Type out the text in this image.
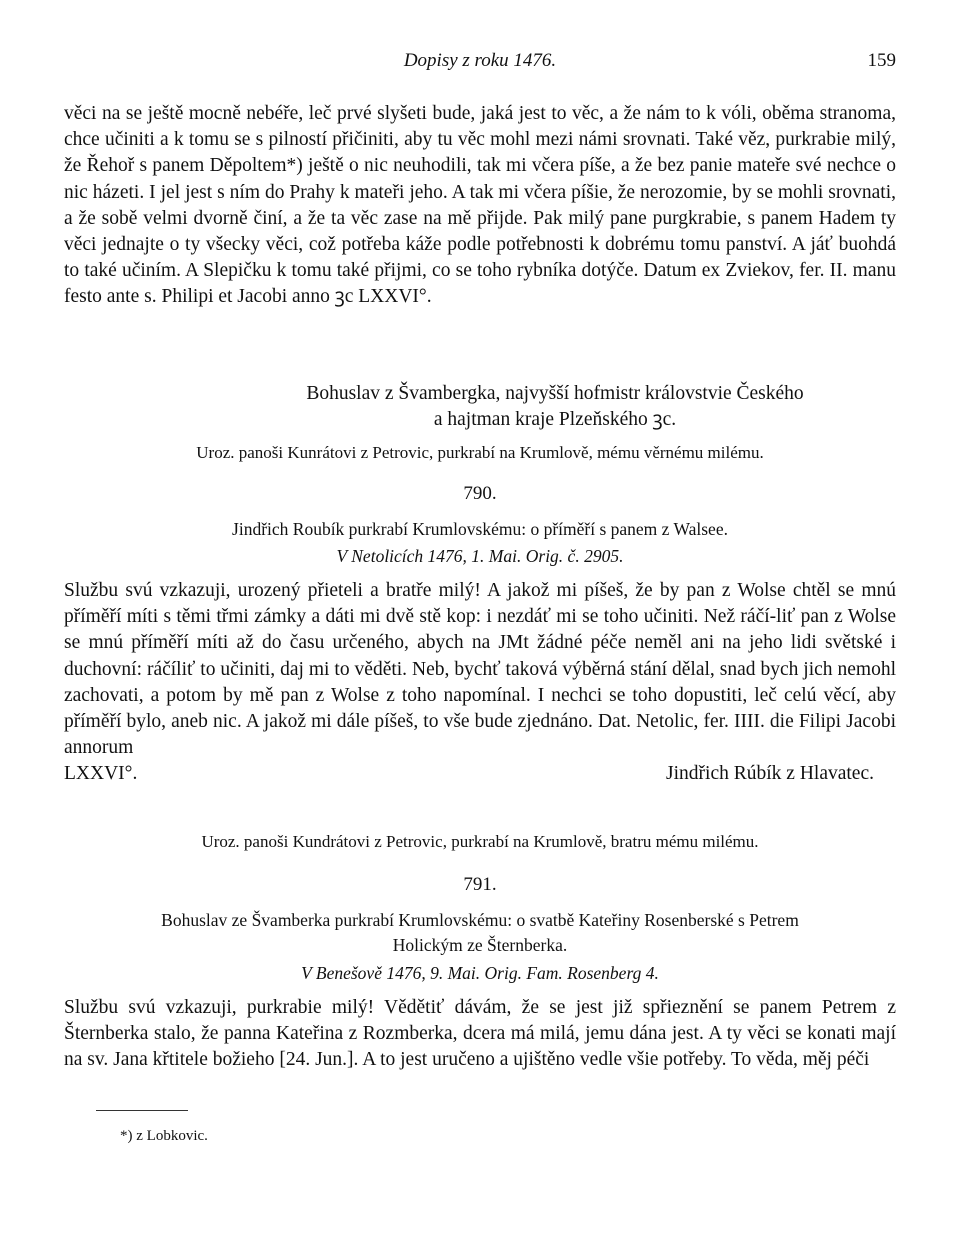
Dopisy z roku 1476.	159

věci na se ještě mocně nebéře, leč prvé slyšeti bude, jaká jest to věc, a že nám to k vóli, oběma stranoma, chce učiniti a k tomu se s pilností přičiniti, aby tu věc mohl mezi námi srovnati. Také věz, purkrabie milý, že Řehoř s panem Děpoltem*) ještě o nic neuhodili, tak mi včera píše, a že bez panie mateře své nechce o nic házeti. I jel jest s ním do Prahy k mateři jeho. A tak mi včera píšie, že nerozomie, by se mohli srovnati, a že sobě velmi dvorně činí, a že ta věc zase na mě přijde. Pak milý pane purgkrabie, s panem Hadem ty věci jednajte o ty všecky věci, což potřeba káže podle potřebnosti k dobrému tomu panství. A jáť buohdá to také učiním. A Slepičku k tomu také přijmi, co se toho rybníka dotýče. Datum ex Zviekov, fer. II. manu festo ante s. Philipi et Jacobi anno ꝫc LXXVI°.

Bohuslav z Švambergka, najvyšší hofmistr královstvie Českého

a hajtman kraje Plzeňského ꝫc.

Uroz. panoši Kunrátovi z Petrovic, purkrabí na Krumlově, mému věrnému milému.

790.

Jindřich Roubík purkrabí Krumlovskému: o příměří s panem z Walsee.

V Netolicích 1476, 1. Mai. Orig. č. 2905.

Službu svú vzkazuji, urozený přieteli a bratře milý! A jakož mi píšeš, že by pan z Wolse chtěl se mnú příměří míti s těmi třmi zámky a dáti mi dvě stě kop: i nezdáť mi se toho učiniti. Než ráčí-liť pan z Wolse se mnú příměří míti až do času určeného, abych na JMt žádné péče neměl ani na jeho lidi světské i duchovní: ráčíliť to učiniti, daj mi to věděti. Neb, bychť taková výběrná stání dělal, snad bych jich nemohl zachovati, a potom by mě pan z Wolse z toho napomínal. I nechci se toho dopustiti, leč celú věcí, aby příměří bylo, aneb nic. A jakož mi dále píšeš, to vše bude zjednáno. Dat. Netolic, fer. IIII. die Filipi Jacobi annorum

LXXVI°.	Jindřich Rúbík z Hlavatec.

Uroz. panoši Kundrátovi z Petrovic, purkrabí na Krumlově, bratru mému milému.

791.

Bohuslav ze Švamberka purkrabí Krumlovskému: o svatbě Kateřiny Rosenberské s Petrem

Holickým ze Šternberka.

V Benešově 1476, 9. Mai. Orig. Fam. Rosenberg 4.

Službu svú vzkazuji, purkrabie milý! Vědětiť dávám, že se jest již spřieznění se panem Petrem z Šternberka stalo, že panna Kateřina z Rozmberka, dcera má milá, jemu dána jest. A ty věci se konati mají na sv. Jana křtitele božieho [24. Jun.]. A to jest uručeno a ujištěno vedle všie potřeby. To věda, měj péči

*) z Lobkovic.
